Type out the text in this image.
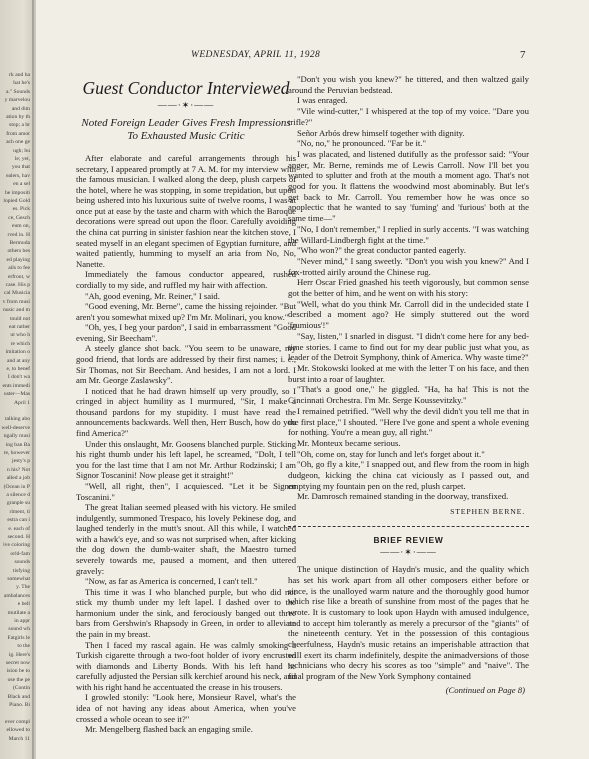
rk and ha
hat he's
a." Sounds
y marvelou
and dim
ation by th
stop; a br
from amor
ach one ge
ugh; bu
le; yet,
you that
ealers, hav
en a sel
he impositi
lopied Gold
es. Pick
ce, Gesch
eum on,
rved in. H
Bermuda
others bes
ed playing
ails to fee
erfront, w
case. His p
cal Musicia
v from musi
nusic and m
tould not
eat rather
ut who h
re which
imitation o
and at any
e, to benef
I don't wa
ents immedi
uster—Mas
April 1
talking abo
well-deserve
ngally musi
ing ban Ba
re, however
jesty's p
n his? Not
alled a job
(Ocean in P
a silence d
granple su
riment, ti
estra can i
e. each of
second. H
ive coloring
orld-fam
sounds
tisfying
somewhat
y. The
ambalances
e bell
mutilate a
in appr
sound wh
Fatgirls le
to the
ig. Here's
secret now
ision be to
ose the pe
(Contin
Black and
Piano. Bi
ever compl
ellowed to
March 11
WEDNESDAY, APRIL 11, 1928	7
Guest Conductor Interviewed
——·✶·——
Noted Foreign Leader Gives Fresh Impressions
To Exhausted Music Critic

After elaborate and careful arrangements through his secretary, I appeared promptly at 7 A. M. for my interview with the famous musician. I walked along the deep, plush carpets of the hotel, where he was stopping, in some trepidation, but upon being ushered into his luxurious suite of twelve rooms, I was at once put at ease by the taste and charm with which the Baroque decorations were spread out upon the floor. Carefully avoiding the china cat purring in sinister fashion near the kitchen stove, I seated myself in an elegant specimen of Egyptian furniture, and waited patiently, humming to myself an aria from No, No, Nanette.

Immediately the famous conductor appeared, rushed cordially to my side, and ruffled my hair with affection.

"Ah, good evening, Mr. Reiner," I said.

"Good evening, Mr. Berne", came the hissing rejoinder. "But aren't you somewhat mixed up? I'm Mr. Molinari, you know."

"Oh, yes, I beg your pardon", I said in embarrassment "Good evening, Sir Beecham".

A steely glance shot back. "You seem to be unaware, my good friend, that lords are addressed by their first names; i. e., Sir Thomas, not Sir Beecham. And besides, I am not a lord. I am Mr. George Zaslawsky".

I noticed that he had drawn himself up very proudly, so I cringed in abject humility as I murmured, "Sir, I make a thousand pardons for my stupidity. I must have read the announcements backwards. Well then, Herr Busch, how do you find America?"

Under this onslaught, Mr. Goosens blanched purple. Sticking his right thumb under his left lapel, he screamed, "Dolt, I tell you for the last time that I am not Mr. Arthur Rodzinski; I am Signor Toscanini! Now please get it straight!"

"Well, all right, then", I acquiesced. "Let it be Signor Toscanini."

The great Italian seemed pleased with his victory. He smiled indulgently, summoned Trespaco, his lovely Pekinese dog, and laughed tenderly in the mutt's snout. All this while, I watched with a hawk's eye, and so was not surprised when, after kicking the dog down the dumb-waiter shaft, the Maestro turned severely towards me, paused a moment, and then uttered gravely:

"Now, as far as America is concerned, I can't tell."

This time it was I who blanched purple, but who did not stick my thumb under my left lapel. I dashed over to the harmonium under the sink, and ferociously banged out three bars from Gershwin's Rhapsody in Green, in order to alleviate the pain in my breast.

Then I faced my rascal again. He was calmly smoking a Turkish cigarette through a two-foot holder of ivory encrusted with diamonds and Liberty Bonds. With his left hand he carefully adjusted the Persian silk kerchief around his neck, and with his right hand he accentuated the crease in his trousers.

I growled stonily: "Look here, Monsieur Ravel, what's the idea of not having any ideas about America, when you've crossed a whole ocean to see it?"

Mr. Mengelberg flashed back an engaging smile.

"Don't you wish you knew?" he tittered, and then waltzed gaily around the Peruvian bedstead.

I was enraged.

"Vile wind-cutter," I whispered at the top of my voice. "Dare you trifle?"

Señor Arbós drew himself together with dignity.

"No, no," he pronounced. "Far be it."

I was placated, and listened dutifully as the professor said: "Your anger, Mr. Berne, reminds me of Lewis Carroll. Now I'll bet you wanted to splutter and froth at the mouth a moment ago. That's not good for you. It flattens the woodwind most abominably. But let's get back to Mr. Carroll. You remember how he was once so apoplectic that he wanted to say 'fuming' and 'furious' both at the same time—"

"No, I don't remember," I replied in surly accents. "I was watching the Willard-Lindbergh fight at the time."

"Who won?" the great conductor panted eagerly.

"Never mind," I sang sweetly. "Don't you wish you knew?" And I fox-trotted airily around the Chinese rug.

Herr Oscar Fried gnashed his teeth vigorously, but common sense got the better of him, and he went on with his story:

"Well, what do you think Mr. Carroll did in the undecided state I described a moment ago? He simply stuttered out the word 'frumious'!"

"Say, listen," I snarled in disgust. "I didn't come here for any bed-time stories. I came to find out for my dear public just what you, as leader of the Detroit Symphony, think of America. Why waste time?"

Mr. Stokowski looked at me with the letter T on his face, and then burst into a roar of laughter.

"That's a good one," he giggled. "Ha, ha ha! This is not the Cincinnati Orchestra. I'm Mr. Serge Koussevitzky."

I remained petrified. "Well why the devil didn't you tell me that in the first place," I shouted. "Here I've gone and spent a whole evening for nothing. You're a mean guy, all right."

Mr. Monteux became serious.

"Oh, come on, stay for lunch and let's forget about it."

"Oh, go fly a kite," I snapped out, and flew from the room in high dudgeon, kicking the china cat viciously as I passed out, and emptying my fountain pen on the red, plush carpet.

Mr. Damrosch remained standing in the doorway, transfixed.

STEPHEN BERNE.
BRIEF REVIEW
——·✶·——

The unique distinction of Haydn's music, and the quality which has set his work apart from all other composers either before or since, is the unalloyed warm nature and the thoroughly good humor which rise like a breath of sunshine from most of the pages that he wrote. It is customary to look upon Haydn with amused indulgence, and to accept him tolerantly as merely a precursor of the "giants" of the nineteenth century. Yet in the possession of this contagious cheerfulness, Haydn's music retains an imperishable attraction that will exert its charm indefinitely, despite the animadversions of those technicians who decry his scores as too "simple" and "naive". The final program of the New York Symphony contained

(Continued on Page 8)
